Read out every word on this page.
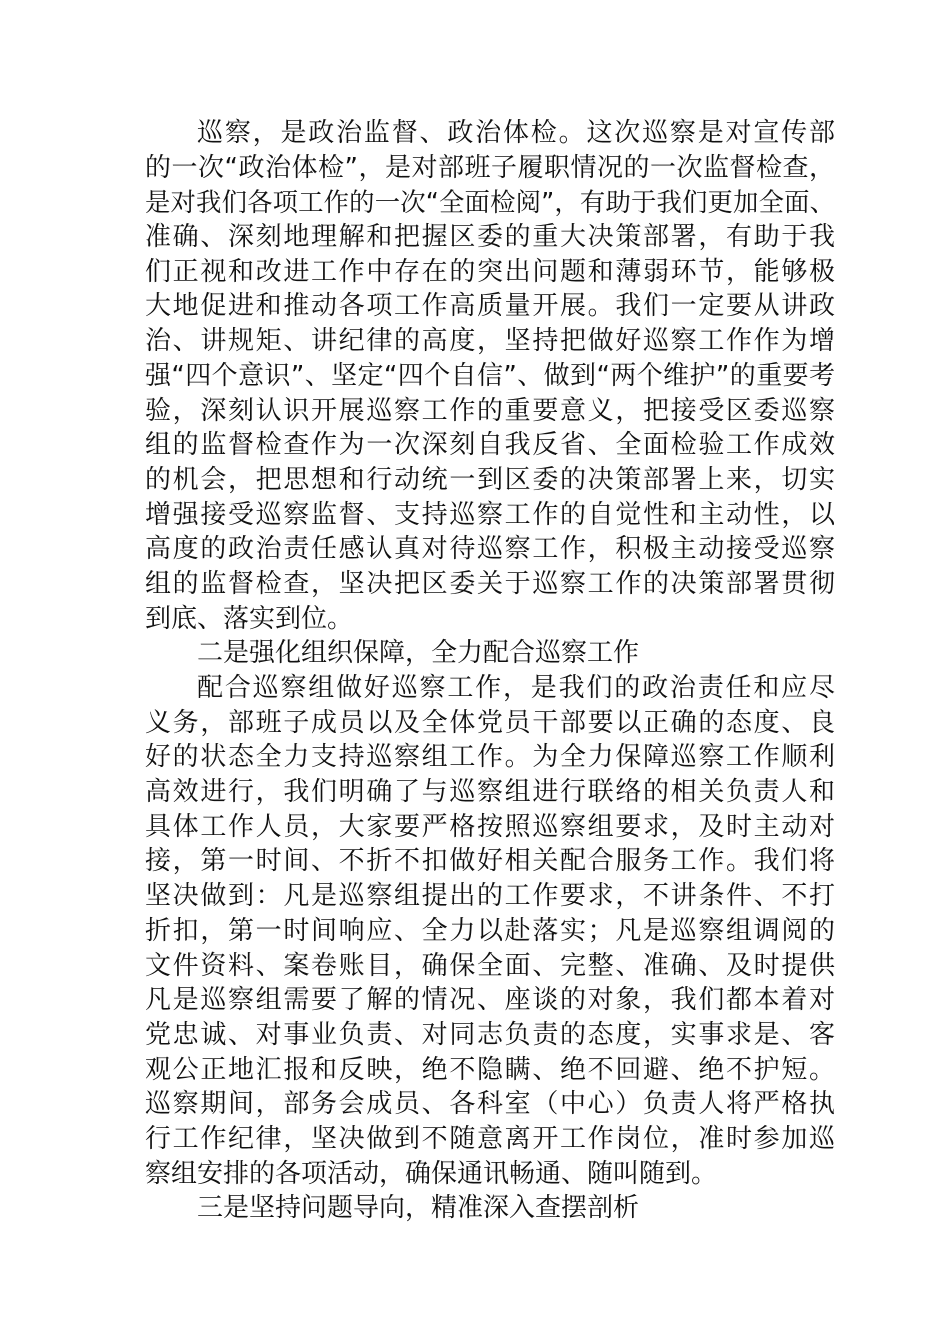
巡察，是政治监督、政治体检。这次巡察是对宣传部
的一次“政治体检”，是对部班子履职情况的一次监督检查，
是对我们各项工作的一次“全面检阅”，有助于我们更加全面、
准确、深刻地理解和把握区委的重大决策部署，有助于我
们正视和改进工作中存在的突出问题和薄弱环节，能够极
大地促进和推动各项工作高质量开展。我们一定要从讲政
治、讲规矩、讲纪律的高度，坚持把做好巡察工作作为增
强“四个意识”、坚定“四个自信”、做到“两个维护”的重要考
验，深刻认识开展巡察工作的重要意义，把接受区委巡察
组的监督检查作为一次深刻自我反省、全面检验工作成效
的机会，把思想和行动统一到区委的决策部署上来，切实
增强接受巡察监督、支持巡察工作的自觉性和主动性，以
高度的政治责任感认真对待巡察工作，积极主动接受巡察
组的监督检查，坚决把区委关于巡察工作的决策部署贯彻
到底、落实到位。
二是强化组织保障，全力配合巡察工作
配合巡察组做好巡察工作，是我们的政治责任和应尽
义务，部班子成员以及全体党员干部要以正确的态度、良
好的状态全力支持巡察组工作。为全力保障巡察工作顺利
高效进行，我们明确了与巡察组进行联络的相关负责人和
具体工作人员，大家要严格按照巡察组要求，及时主动对
接，第一时间、不折不扣做好相关配合服务工作。我们将
坚决做到：凡是巡察组提出的工作要求，不讲条件、不打
折扣，第一时间响应、全力以赴落实；凡是巡察组调阅的
文件资料、案卷账目，确保全面、完整、准确、及时提供
凡是巡察组需要了解的情况、座谈的对象，我们都本着对
党忠诚、对事业负责、对同志负责的态度，实事求是、客
观公正地汇报和反映，绝不隐瞒、绝不回避、绝不护短。
巡察期间，部务会成员、各科室（中心）负责人将严格执
行工作纪律，坚决做到不随意离开工作岗位，准时参加巡
察组安排的各项活动，确保通讯畅通、随叫随到。
三是坚持问题导向，精准深入查摆剖析
